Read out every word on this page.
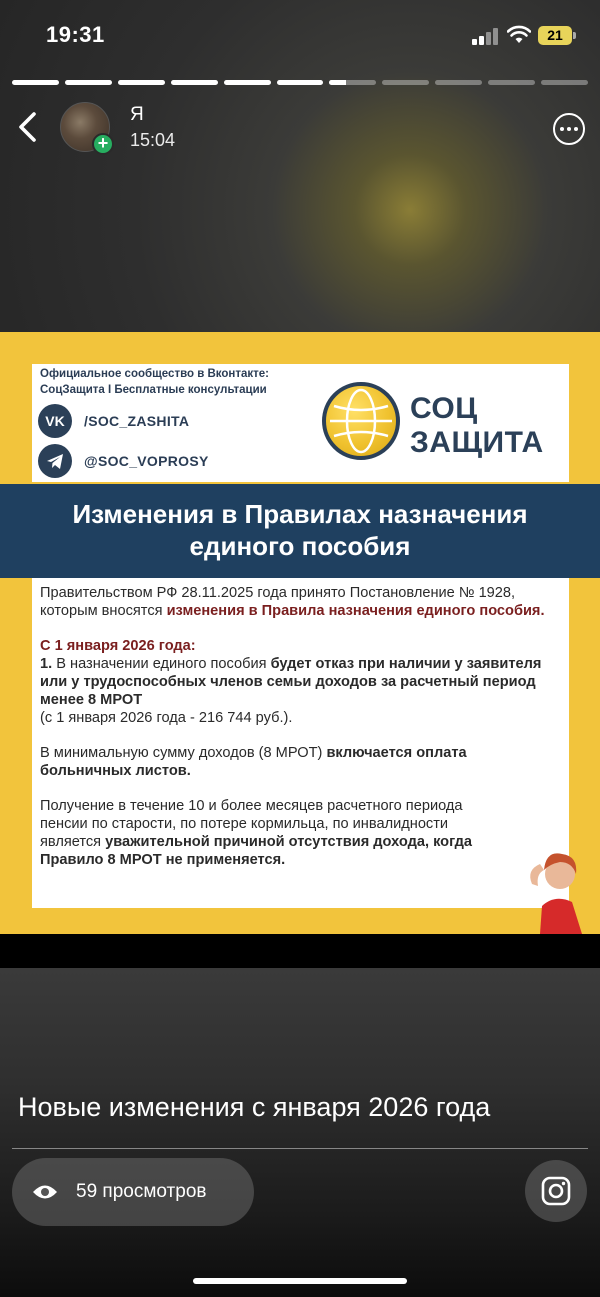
19:31	21
+
Я
15:04
Официальное сообщество в Вконтакте:
СоцЗащита I Бесплатные консультации
VK	/SOC_ZASHITA
@SOC_VOPROSY
СОЦ
ЗАЩИТА
Изменения в Правилах назначения
единого пособия

Правительством РФ 28.11.2025 года принято Постановление № 1928, которым вносятся изменения в Правила назначения единого пособия.

С 1 января 2026 года:
1. В назначении единого пособия будет отказ при наличии у заявителя или у трудоспособных членов семьи доходов за расчетный период менее 8 МРОТ
(с 1 января 2026 года - 216 744 руб.).

В минимальную сумму доходов (8 МРОТ) включается оплата больничных листов.

Получение в течение 10 и более месяцев расчетного периода пенсии по старости, по потере кормильца, по инвалидности является уважительной причиной отсутствия дохода, когда Правило 8 МРОТ не применяется.

Новые изменения с января 2026 года
59 просмотров
